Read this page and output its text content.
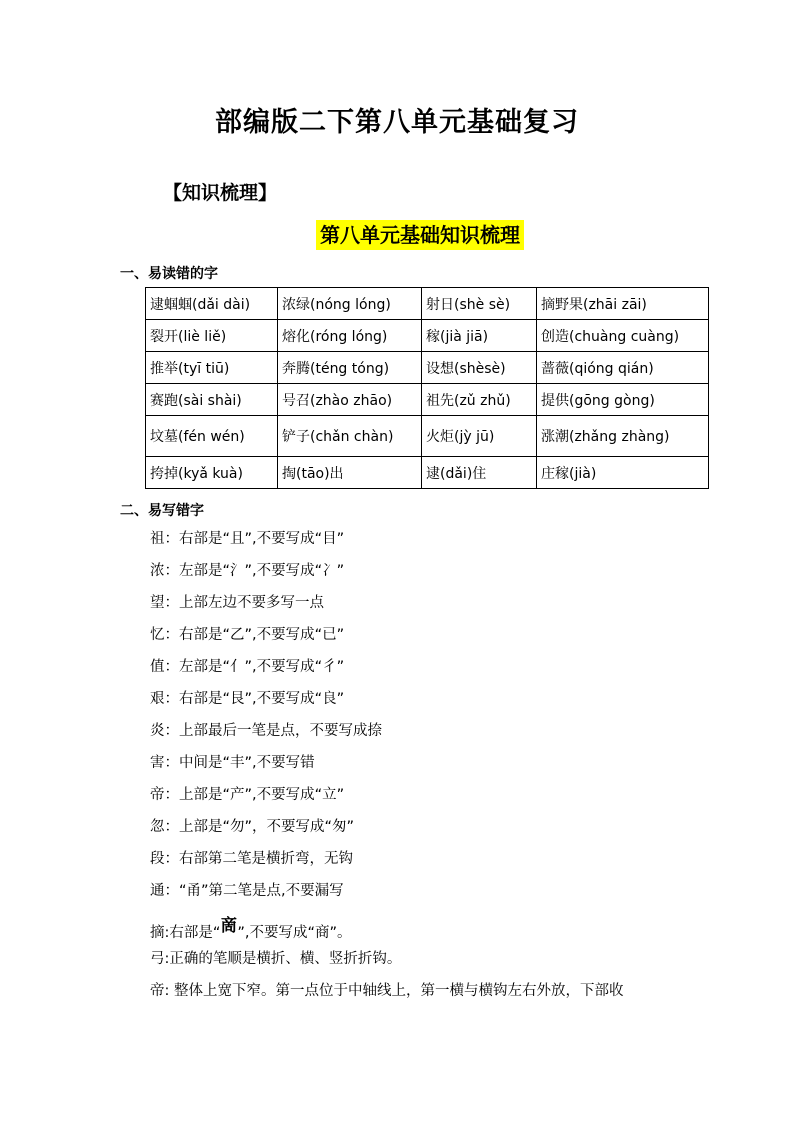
部编版二下第八单元基础复习
【知识梳理】
第八单元基础知识梳理
一、易读错的字
逮蝈蝈(dǎi dài)	浓绿(nóng lóng)	射日(shè sè)	摘野果(zhāi zāi)
裂开(liè liě)	熔化(róng lóng)	稼(jià jiā)	创造(chuàng cuàng)
推举(tyī tiū)	奔腾(téng tóng)	设想(shèsè)	蔷薇(qióng qián)
赛跑(sài shài)	号召(zhào zhāo)	祖先(zǔ zhǔ)	提供(gōng gòng)
坟墓(fén wén)	铲子(chǎn chàn)	火炬(jỳ jū)	涨潮(zhǎng zhàng)
挎掉(kyǎ kuà)	掏(tāo)出	逮(dǎi)住	庄稼(jià)
二、易写错字
祖：右部是“且”,不要写成“目”
浓：左部是“氵”,不要写成“冫”
望：上部左边不要多写一点
忆：右部是“乙”,不要写成“已”
值：左部是“亻”,不要写成“彳”
艰：右部是“艮”,不要写成“良”
炎：上部最后一笔是点，不要写成捺
害：中间是“丰”,不要写错
帝：上部是“产”,不要写成“立”
忽：上部是“勿”，不要写成“匆”
段：右部第二笔是横折弯，无钩
通：“甬”第二笔是点,不要漏写
摘:右部是“啇”,不要写成“商”。
弓:正确的笔顺是横折、横、竖折折钩。
帝: 整体上宽下窄。第一点位于中轴线上，第一横与横钩左右外放，下部收
